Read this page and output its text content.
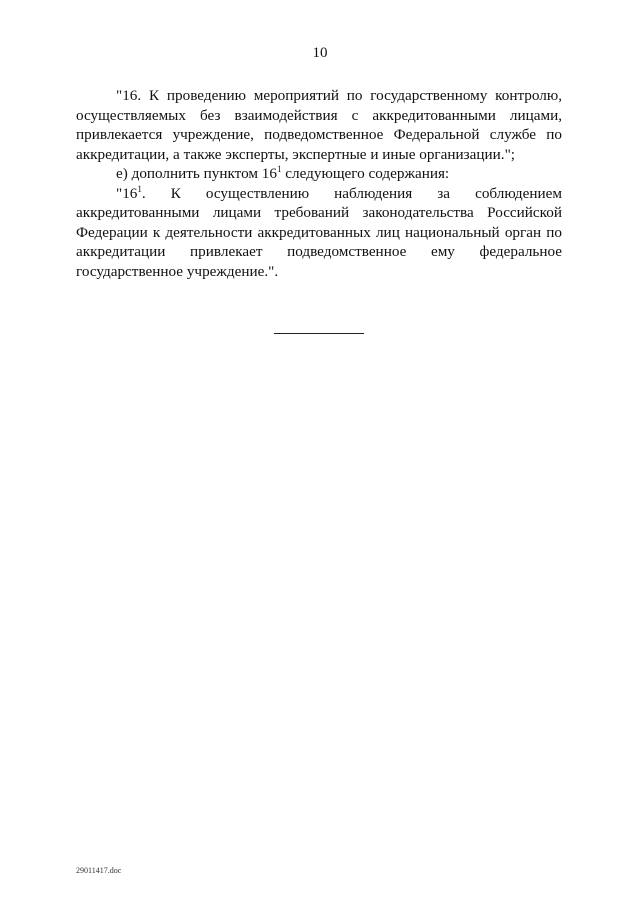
10

"16. К проведению мероприятий по государственному контролю, осуществляемых без взаимодействия с аккредитованными лицами, привлекается учреждение, подведомственное Федеральной службе по аккредитации, а также эксперты, экспертные и иные организации.";

е) дополнить пунктом $16^1$ следующего содержания:

"$16^1$. К осуществлению наблюдения за соблюдением аккредитованными лицами требований законодательства Российской Федерации к деятельности аккредитованных лиц национальный орган по аккредитации привлекает подведомственное ему федеральное государственное учреждение.".

29011417.doc
